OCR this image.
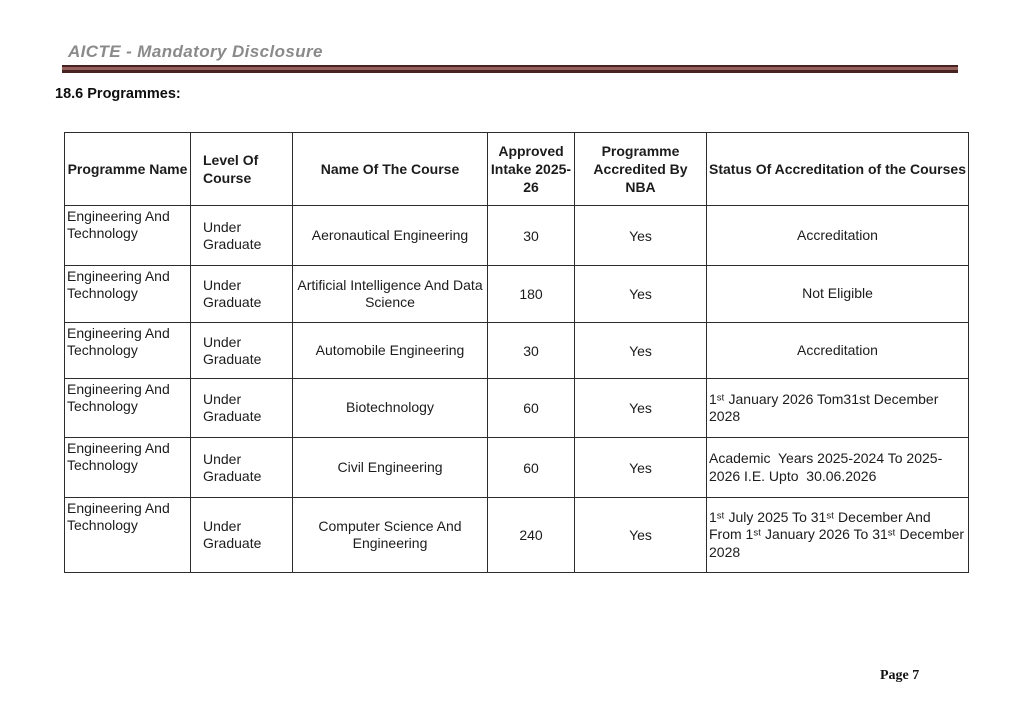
AICTE - Mandatory Disclosure
18.6 Programmes:
Programme Name	Level Of Course	Name Of The Course	Approved Intake 2025-26	Programme Accredited By NBA	Status Of Accreditation of the Courses
Engineering And Technology	Under Graduate	Aeronautical Engineering	30	Yes	Accreditation
Engineering And Technology	Under Graduate	Artificial Intelligence And Data Science	180	Yes	Not Eligible
Engineering And Technology	Under Graduate	Automobile Engineering	30	Yes	Accreditation
Engineering And Technology	Under Graduate	Biotechnology	60	Yes	1ˢᵗ January 2026 Tom31st December 2028
Engineering And Technology	Under Graduate	Civil Engineering	60	Yes	Academic  Years 2025-2024 To 2025-2026 I.E. Upto  30.06.2026
Engineering And Technology	Under Graduate	Computer Science And Engineering	240	Yes	1ˢᵗ July 2025 To 31ˢᵗ December And From 1ˢᵗ January 2026 To 31ˢᵗ December 2028
Page 7
